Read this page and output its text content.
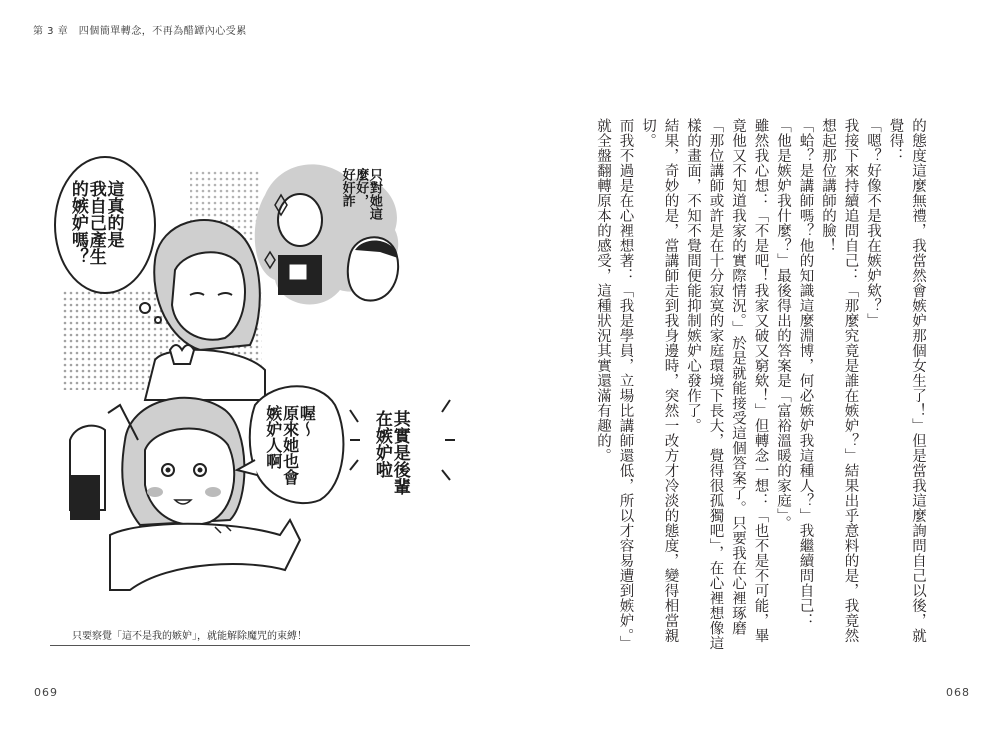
第 3 章　四個簡單轉念，不再為醋罈內心受累
這真的是
我自己產生
的嫉妒嗎？	只對她這
麼好，
好奸詐
喔～
原來她也會
嫉妒人啊	其實是後輩
在嫉妒啦
只要察覺「這不是我的嫉妒」，就能解除魔咒的束縛！	的態度這麼無禮，我當然會嫉妒那個女生了！」但是當我這麼詢問自己以後，就覺得：

「嗯？好像不是我在嫉妒欸？」

我接下來持續追問自己：「那麼究竟是誰在嫉妒？」結果出乎意料的是，我竟然想起那位講師的臉！

「蛤？是講師嗎？他的知識這麼淵博，何必嫉妒我這種人？」我繼續問自己：「他是嫉妒我什麼？」最後得出的答案是「富裕溫暖的家庭」。

雖然我心想：「不是吧！我家又破又窮欸！」但轉念一想：「也不是不可能，畢竟他又不知道我家的實際情況。」於是就能接受這個答案了。只要我在心裡琢磨「那位講師或許是在十分寂寞的家庭環境下長大，覺得很孤獨吧」，在心裡想像這樣的畫面，不知不覺間便能抑制嫉妒心發作了。

結果，奇妙的是，當講師走到我身邊時，突然一改方才冷淡的態度，變得相當親切。

而我不過是在心裡想著：「我是學員，立場比講師還低，所以才容易遭到嫉妒。」就全盤翻轉原本的感受，這種狀況其實還滿有趣的。

069	068
